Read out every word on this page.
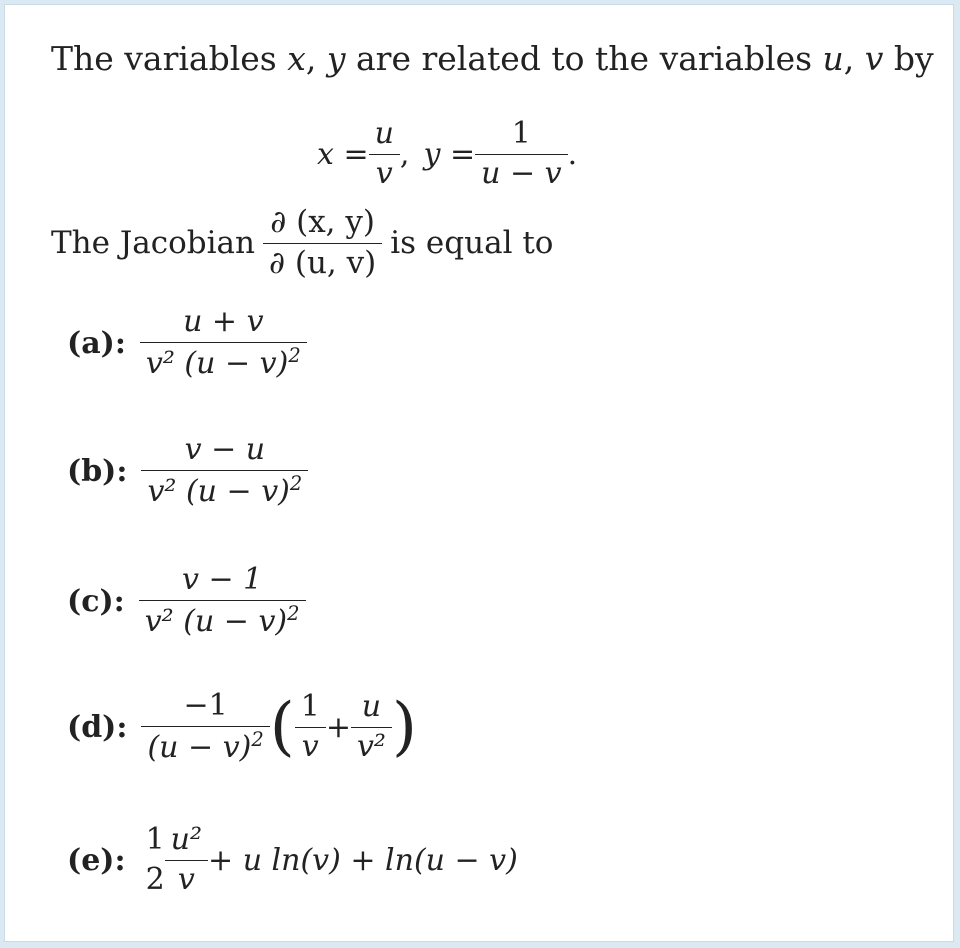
The variables x, y are related to the variables u, v by
$x = \frac{u}{v}$ , $y = \frac{1}{u - v}$ .
The Jacobian $\frac{\partial (x, y)}{\partial (u, v)}$ is equal to
(a): $\frac{u + v}{v^2 (u - v)^2}$
(b): $\frac{v - u}{v^2 (u - v)^2}$
(c): $\frac{v - 1}{v^2 (u - v)^2}$
(d): $\frac{-1}{(u - v)^2}$ ( $\frac{1}{v} + \frac{u}{\text{v²}}$ )
(e):
1
$2 \frac{\text{u²}}{v} + u$ ln(v) + ln(u − v)
